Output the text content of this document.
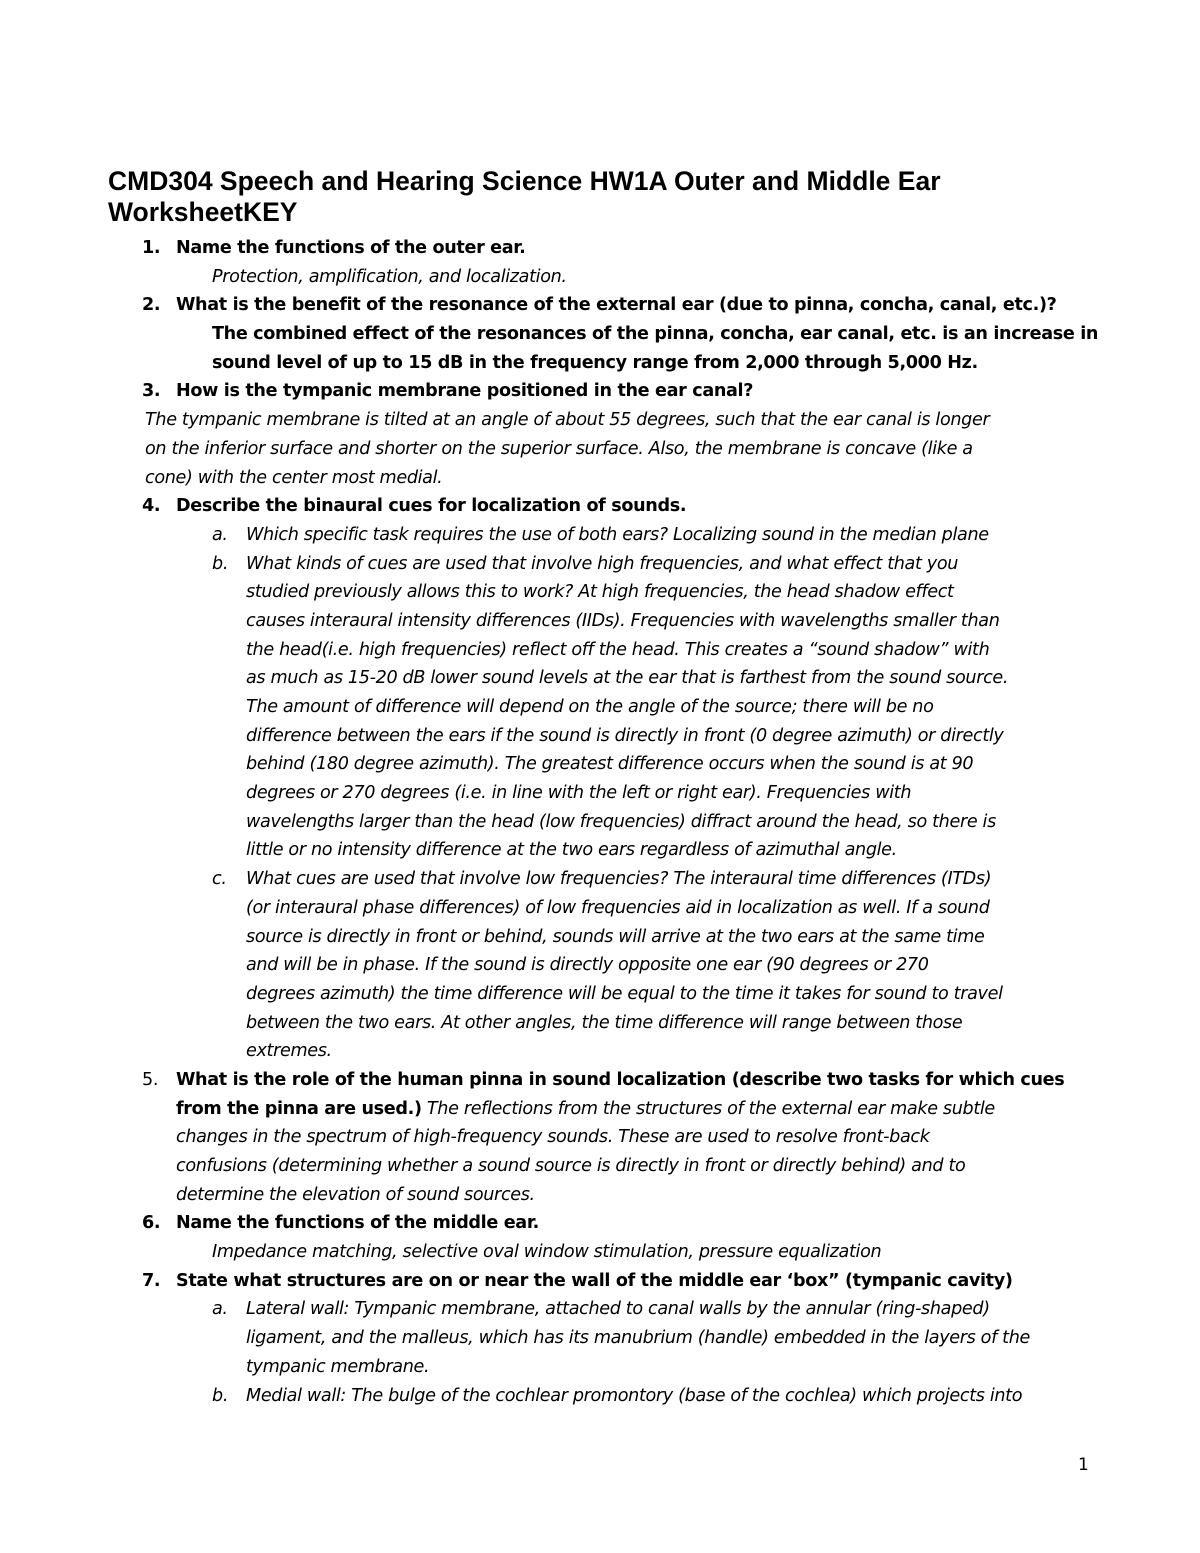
CMD304 Speech and Hearing Science HW1A Outer and Middle Ear
WorksheetKEY
1. Name the functions of the outer ear.
Protection, amplification, and localization.
2. What is the benefit of the resonance of the external ear (due to pinna, concha, canal, etc.)?
The combined effect of the resonances of the pinna, concha, ear canal, etc. is an increase in
sound level of up to 15 dB in the frequency range from 2,000 through 5,000 Hz.
3. How is the tympanic membrane positioned in the ear canal?
The tympanic membrane is tilted at an angle of about 55 degrees, such that the ear canal is longer
on the inferior surface and shorter on the superior surface. Also, the membrane is concave (like a
cone) with the center most medial.
4. Describe the binaural cues for localization of sounds.
a. Which specific task requires the use of both ears? Localizing sound in the median plane
b. What kinds of cues are used that involve high frequencies, and what effect that you
studied previously allows this to work? At high frequencies, the head shadow effect
causes interaural intensity differences (IIDs). Frequencies with wavelengths smaller than
the head(i.e. high frequencies) reflect off the head. This creates a “sound shadow” with
as much as 15-20 dB lower sound levels at the ear that is farthest from the sound source.
The amount of difference will depend on the angle of the source; there will be no
difference between the ears if the sound is directly in front (0 degree azimuth) or directly
behind (180 degree azimuth). The greatest difference occurs when the sound is at 90
degrees or 270 degrees (i.e. in line with the left or right ear). Frequencies with
wavelengths larger than the head (low frequencies) diffract around the head, so there is
little or no intensity difference at the two ears regardless of azimuthal angle.
c. What cues are used that involve low frequencies? The interaural time differences (ITDs)
(or interaural phase differences) of low frequencies aid in localization as well. If a sound
source is directly in front or behind, sounds will arrive at the two ears at the same time
and will be in phase. If the sound is directly opposite one ear (90 degrees or 270
degrees azimuth) the time difference will be equal to the time it takes for sound to travel
between the two ears. At other angles, the time difference will range between those
extremes.
5. What is the role of the human pinna in sound localization (describe two tasks for which cues
from the pinna are used.) The reflections from the structures of the external ear make subtle
changes in the spectrum of high-frequency sounds. These are used to resolve front-back
confusions (determining whether a sound source is directly in front or directly behind) and to
determine the elevation of sound sources.
6. Name the functions of the middle ear.
Impedance matching, selective oval window stimulation, pressure equalization
7. State what structures are on or near the wall of the middle ear ‘box” (tympanic cavity)
a. Lateral wall: Tympanic membrane, attached to canal walls by the annular (ring-shaped)
ligament, and the malleus, which has its manubrium (handle) embedded in the layers of the
tympanic membrane.
b. Medial wall: The bulge of the cochlear promontory (base of the cochlea) which projects into
1
